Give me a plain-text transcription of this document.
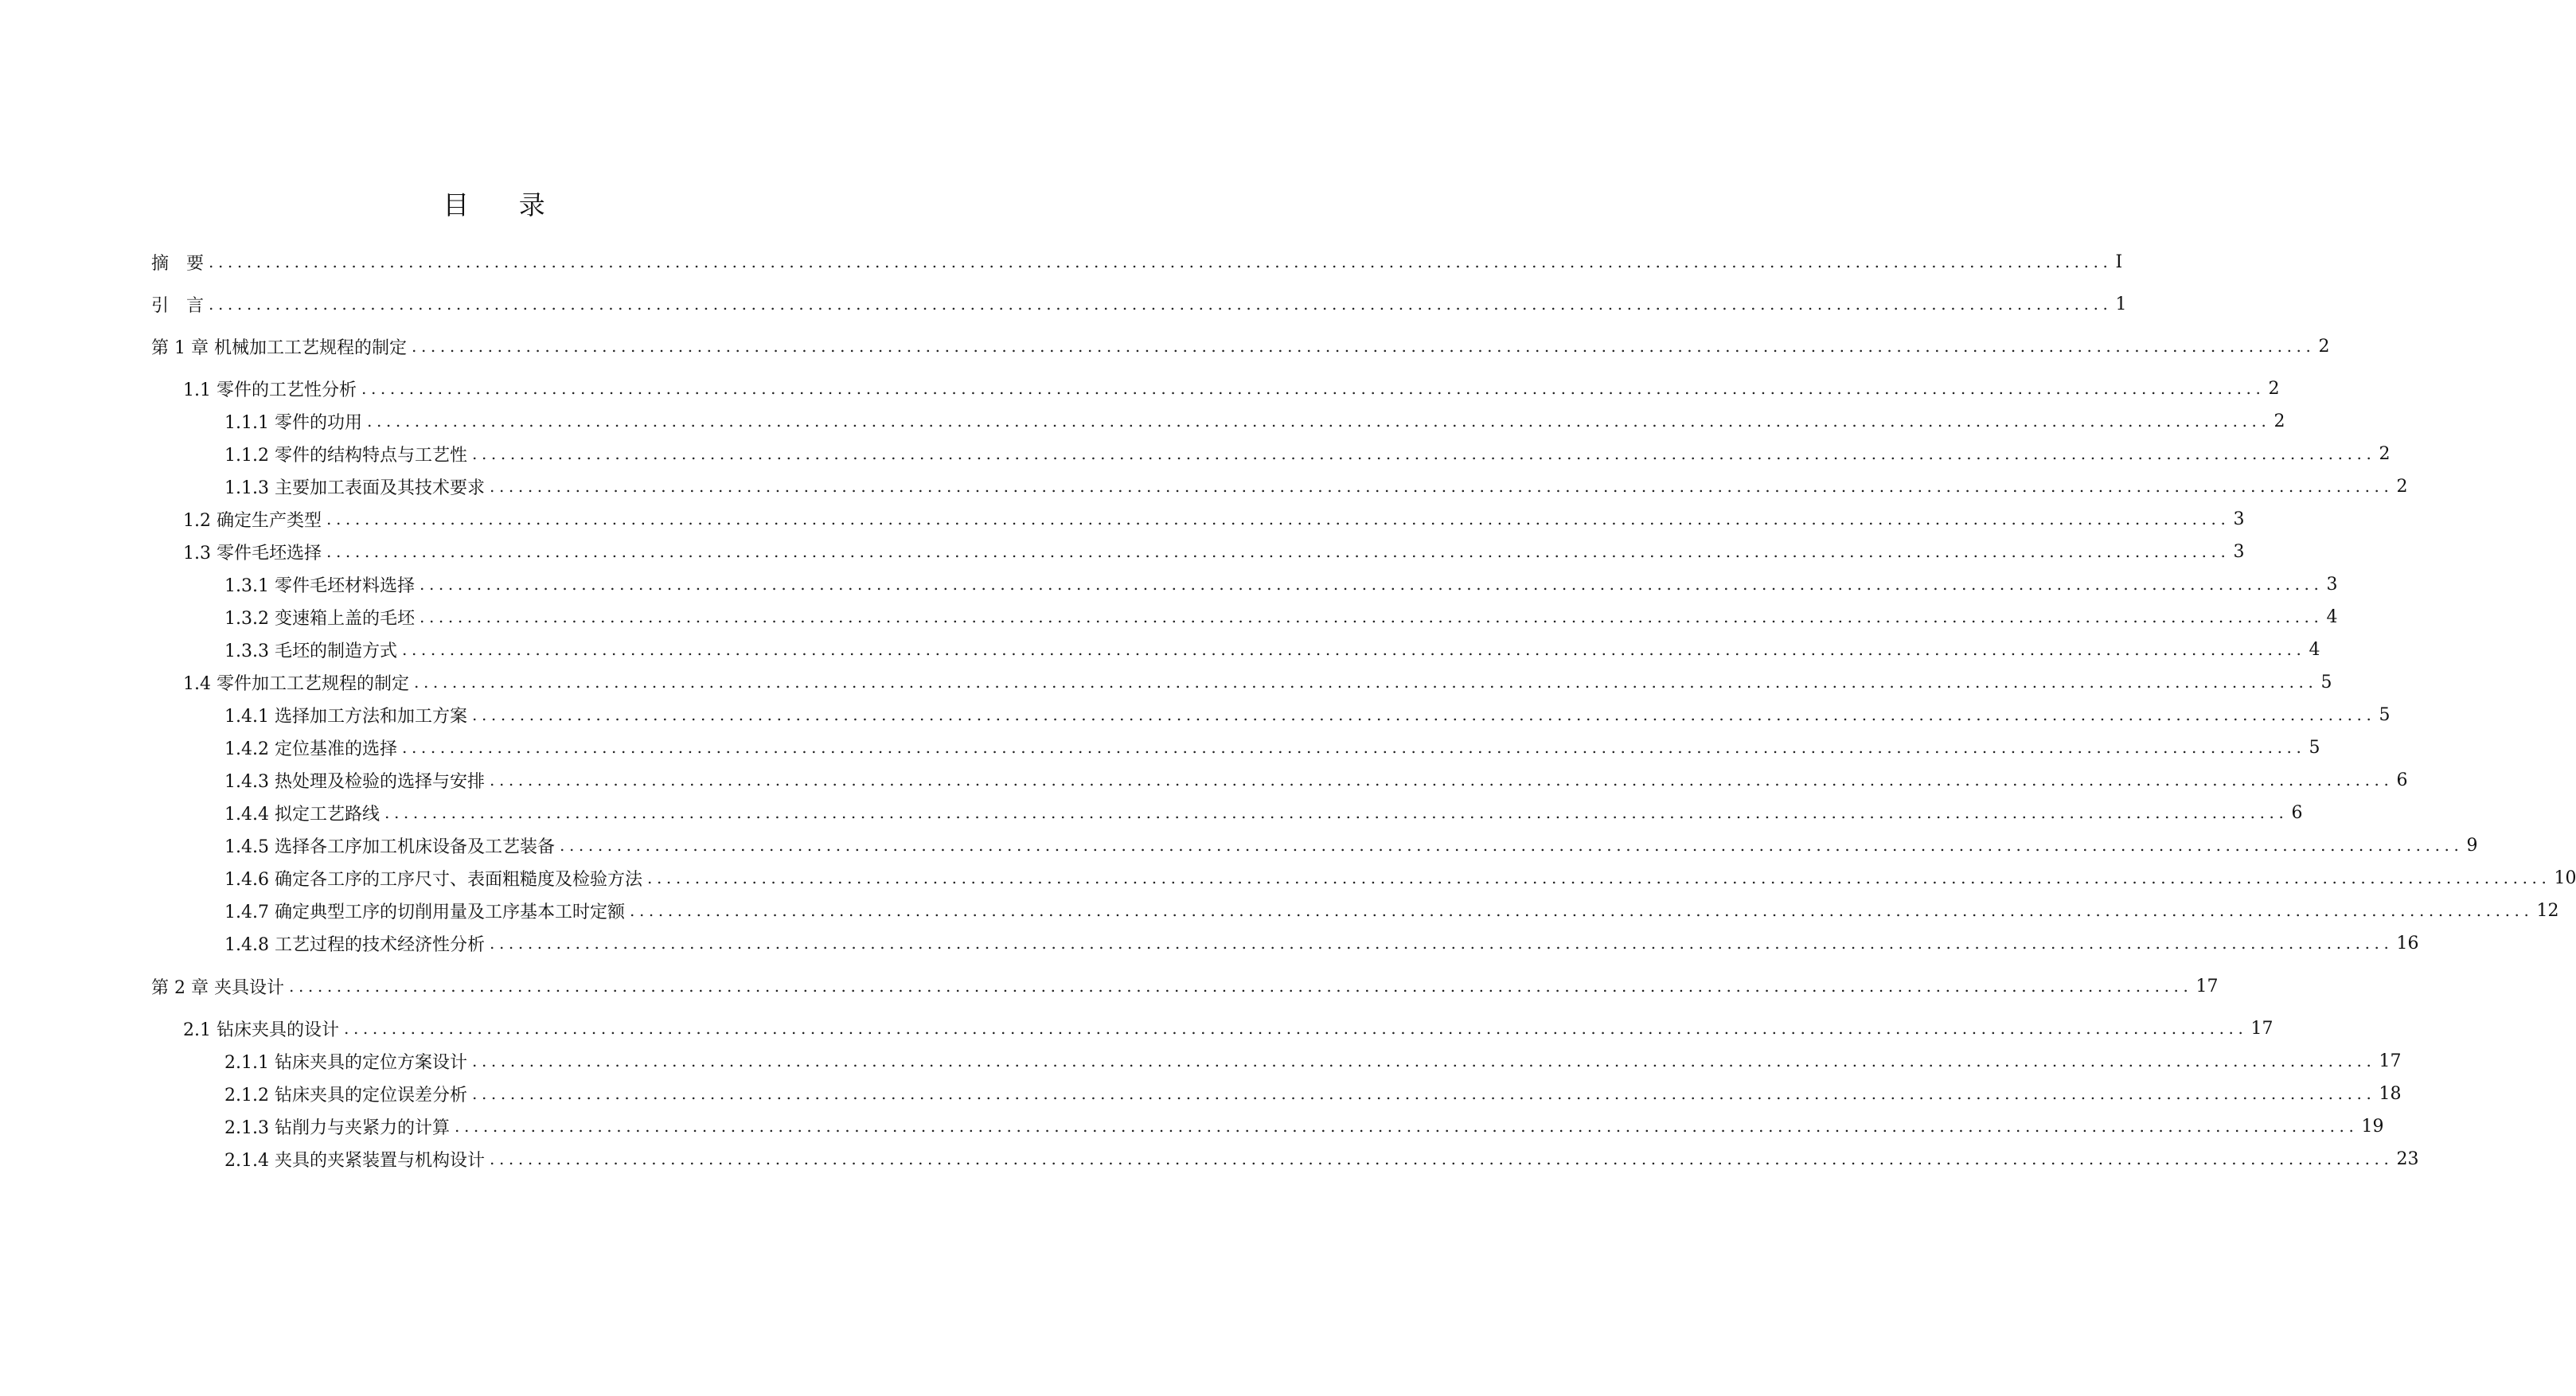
目 录
摘　要 ........................................................................................................................................................................................................ I
引　言 ........................................................................................................................................................................................................ 1
第 1 章 机械加工工艺规程的制定 ........................................................................................................................................................................................................ 2
1.1 零件的工艺性分析 ........................................................................................................................................................................................................ 2
1.1.1 零件的功用 ........................................................................................................................................................................................................ 2
1.1.2 零件的结构特点与工艺性 ........................................................................................................................................................................................................ 2
1.1.3 主要加工表面及其技术要求 ........................................................................................................................................................................................................ 2
1.2 确定生产类型 ........................................................................................................................................................................................................ 3
1.3 零件毛坯选择 ........................................................................................................................................................................................................ 3
1.3.1 零件毛坯材料选择 ........................................................................................................................................................................................................ 3
1.3.2 变速箱上盖的毛坯 ........................................................................................................................................................................................................ 4
1.3.3 毛坯的制造方式 ........................................................................................................................................................................................................ 4
1.4 零件加工工艺规程的制定 ........................................................................................................................................................................................................ 5
1.4.1 选择加工方法和加工方案 ........................................................................................................................................................................................................ 5
1.4.2 定位基准的选择 ........................................................................................................................................................................................................ 5
1.4.3 热处理及检验的选择与安排 ........................................................................................................................................................................................................ 6
1.4.4 拟定工艺路线 ........................................................................................................................................................................................................ 6
1.4.5 选择各工序加工机床设备及工艺装备 ........................................................................................................................................................................................................ 9
1.4.6 确定各工序的工序尺寸、表面粗糙度及检验方法 ........................................................................................................................................................................................................ 10
1.4.7 确定典型工序的切削用量及工序基本工时定额 ........................................................................................................................................................................................................ 12
1.4.8 工艺过程的技术经济性分析 ........................................................................................................................................................................................................ 16
第 2 章 夹具设计 ........................................................................................................................................................................................................ 17
2.1 钻床夹具的设计 ........................................................................................................................................................................................................ 17
2.1.1 钻床夹具的定位方案设计 ........................................................................................................................................................................................................ 17
2.1.2 钻床夹具的定位误差分析 ........................................................................................................................................................................................................ 18
2.1.3 钻削力与夹紧力的计算 ........................................................................................................................................................................................................ 19
2.1.4 夹具的夹紧装置与机构设计 ........................................................................................................................................................................................................ 23
